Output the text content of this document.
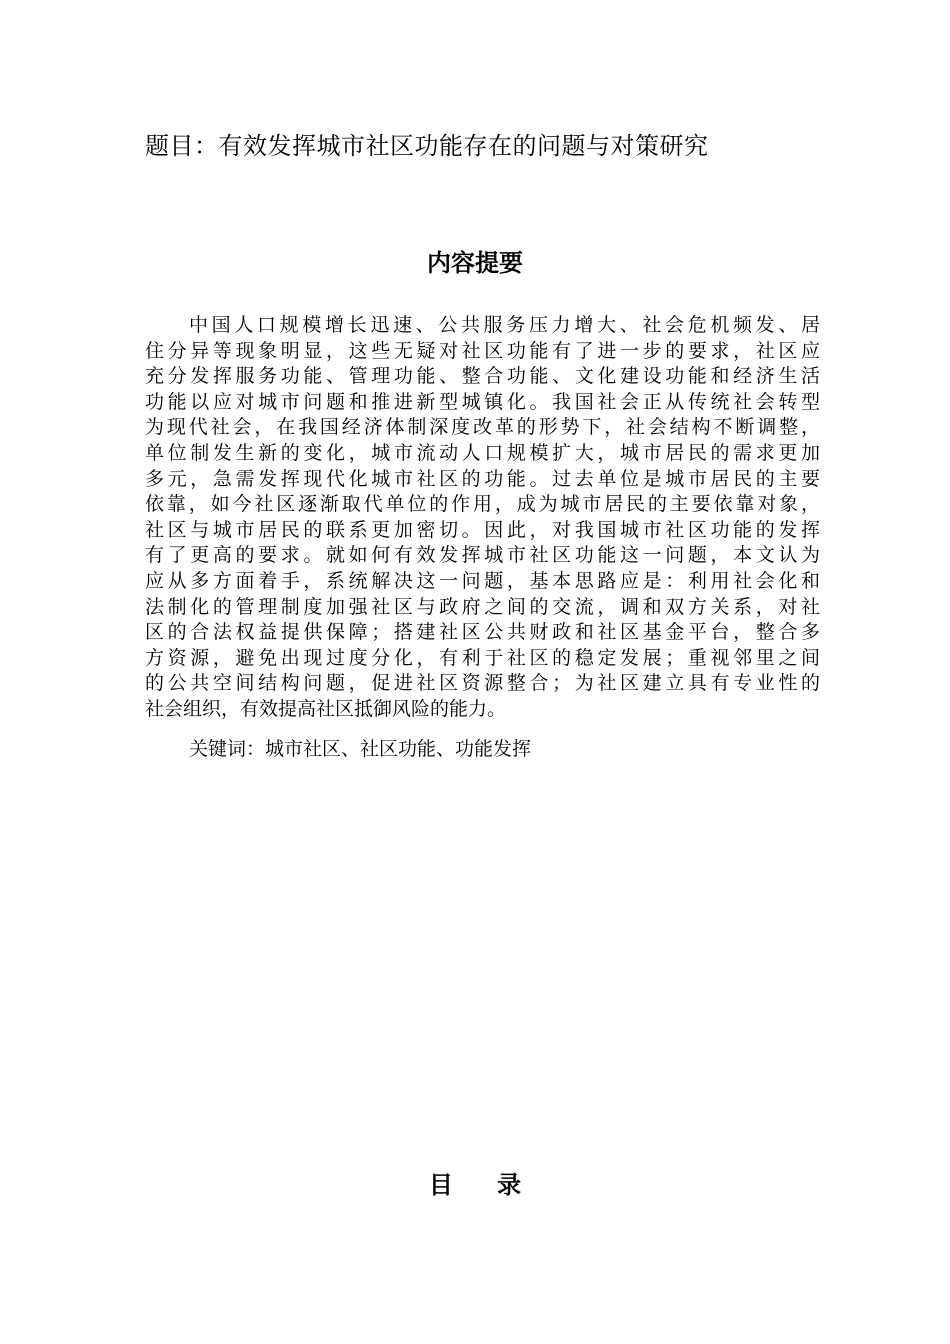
题目：有效发挥城市社区功能存在的问题与对策研究
内容提要
中国人口规模增长迅速、公共服务压力增大、社会危机频发、居
住分异等现象明显，这些无疑对社区功能有了进一步的要求，社区应
充分发挥服务功能、管理功能、整合功能、文化建设功能和经济生活
功能以应对城市问题和推进新型城镇化。我国社会正从传统社会转型
为现代社会，在我国经济体制深度改革的形势下，社会结构不断调整，
单位制发生新的变化，城市流动人口规模扩大，城市居民的需求更加
多元，急需发挥现代化城市社区的功能。过去单位是城市居民的主要
依靠，如今社区逐渐取代单位的作用，成为城市居民的主要依靠对象，
社区与城市居民的联系更加密切。因此，对我国城市社区功能的发挥
有了更高的要求。就如何有效发挥城市社区功能这一问题，本文认为
应从多方面着手，系统解决这一问题，基本思路应是：利用社会化和
法制化的管理制度加强社区与政府之间的交流，调和双方关系，对社
区的合法权益提供保障；搭建社区公共财政和社区基金平台，整合多
方资源，避免出现过度分化，有利于社区的稳定发展；重视邻里之间
的公共空间结构问题，促进社区资源整合；为社区建立具有专业性的
社会组织，有效提高社区抵御风险的能力。
关键词：城市社区、社区功能、功能发挥
目 录
